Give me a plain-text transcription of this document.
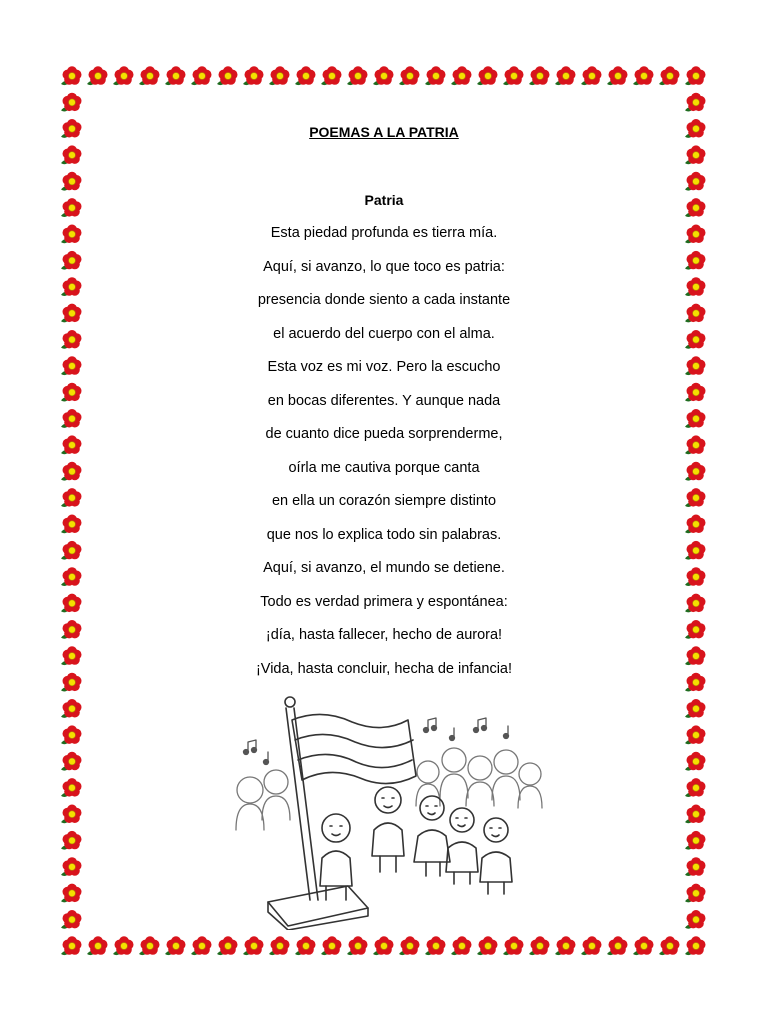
POEMAS A LA PATRIA
Patria
Esta piedad profunda es tierra mía.
Aquí, si avanzo, lo que toco es patria:
presencia donde siento a cada instante
el acuerdo del cuerpo con el alma.
Esta voz es mi voz. Pero la escucho
en bocas diferentes. Y aunque nada
de cuanto dice pueda sorprenderme,
oírla me cautiva porque canta
en ella un corazón siempre distinto
que nos lo explica todo sin palabras.
Aquí, si avanzo, el mundo se detiene.
Todo es verdad primera y espontánea:
¡día, hasta fallecer, hecho de aurora!
¡Vida, hasta concluir, hecha de infancia!
